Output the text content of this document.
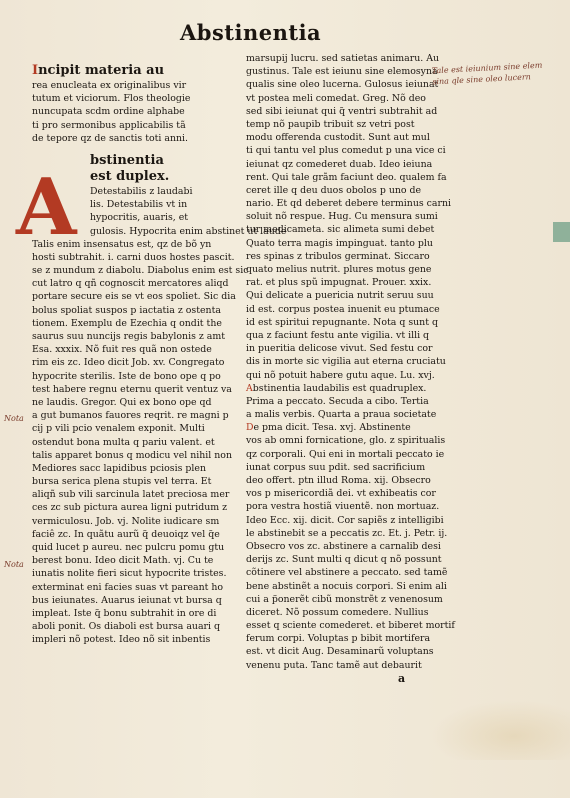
Abstinentia
Incipit materia au
rea enucleata ex originalibus vir
tutum et viciorum. Flos theologie
nuncupata scdm ordine alphabe
ti pro sermonibus applicabilis tã
de tepore qz de sanctis toti anni.
bstinentia
est duplex.
Detestabilis z laudabi
lis. Detestabilis vt in
hypocritis, auaris, et
gulosis. Hypocrita enim abstinet ut laude
Talis enim insensatus est, qz de bõ yn
hosti subtrahit. i. carni duos hostes pascit.
se z mundum z diabolu. Diabolus enim est sic
cut latro q qñ cognoscit mercatores aliqd
portare secure eis se vt eos spoliet. Sic dia
bolus spoliat suspos p iactatia z ostenta
tionem. Exemplu de Ezechia q ondit the
saurus suu nuncijs regis babylonis z amt
Esa. xxxix. Nõ fuit res quã non ostede
rim eis zc. Ideo dicit Job. xv. Congregato
hypocrite sterilis. Iste de bono ope q po
test habere regnu eternu querit ventuz va
ne laudis. Gregor. Qui ex bono ope qd
a gut bumanos fauores reqrit. re magni p
cij p vili pcio venalem exponit. Multi
ostendut bona multa q pariu valent. et
talis apparet bonus q modicu vel nihil non
Mediores sacc lapidibus pciosis plen
bursa serica plena stupis vel terra. Et
aliqñ sub vili sarcinula latet preciosa mer
ces zc sub pictura aurea ligni putridum z
vermiculosu. Job. vj. Nolite iudicare sm
faciê zc. In quãtu aurũ q̃ deuoiqz vel q̃e
quid lucet p aureu. nec pulcru pomu gtu
berest bonu. Ideo dicit Math. vj. Cu te
iunatis nolite fieri sicut hypocrite tristes.
exterminat eni facies suas vt pareant ho
bus ieiunates. Auarus ieiunat vt bursa q
impleat. Iste q̃ bonu subtrahit in ore di
aboli ponit. Os diaboli est bursa auari q
impleri nõ potest. Ideo nõ sit inbentis
A
marsupij lucru. sed satietas animaru. Au
gustinus. Tale est ieiunu sine elemosyna
qualis sine oleo lucerna. Gulosus ieiunat
vt postea meli comedat. Greg. Nõ deo
sed sibi ieiunat qui q̃ ventri subtrahit ad
temp nõ paupib tribuit sz vetri post
modu offerenda custodit. Sunt aut mul
ti qui tantu vel plus comedut p una vice ci
ieiunat qz comederet duab. Ideo ieiuna
rent. Qui tale grãm faciunt deo. qualem fa
ceret ille q deu duos obolos p uno de
nario. Et qd deberet debere terminus carni
soluit nõ respue. Hug. Cu mensura sumi
tur medicameta. sic alimeta sumi debet
Quato terra magis impinguat. tanto plu
res spinas z tribulos germinat. Siccaro
quato melius nutrit. plures motus gene
rat. et plus spũ impugnat. Prouer. xxix.
Qui delicate a puericia nutrit seruu suu
id est. corpus postea inuenit eu ptumace
id est spiritui repugnante. Nota q sunt q
qua z faciunt festu ante vigilia. vt illi q
in pueritia delicose vivut. Sed festu cor
dis in morte sic vigilia aut eterna cruciatu
qui nõ potuit habere gutu aque. Lu. xvj.
Abstinentia laudabilis est quadruplex.
Prima a peccato. Secuda a cibo. Tertia
a malis verbis. Quarta a praua societate
De pma dicit. Tesa. xvj. Abstinente
vos ab omni fornicatione, glo. z spiritualis
qz corporali. Qui eni in mortali peccato ie
iunat corpus suu pdit. sed sacrificium
deo offert. ptn illud Roma. xij. Obsecro
vos p misericordiã dei. vt exhibeatis cor
pora vestra hostiã viuentẽ. non mortuaz.
Ideo Ecc. xij. dicit. Cor sapiẽs z intelligibi
le abstinebit se a peccatis zc. Et. j. Petr. ij.
Obsecro vos zc. abstinere a carnalib desi
derijs zc. Sunt multi q dicut q nõ possunt
cõtinere vel abstinere a peccato. sed tamẽ
bene abstinẽt a nocuis corpori. Si enim ali
cui a p̃onerẽt cibũ monstrẽt z venenosum
diceret. Nõ possum comedere. Nullius
esset q sciente comederet. et biberet mortif
ferum corpi. Voluptas p bibit mortifera
est. vt dicit Aug. Desaminarũ voluptans
venenu puta. Tanc tamẽ aut debaurit
a
Tale est ieiunium sine elem
sina qle sine oleo lucern
Nota
Nota
